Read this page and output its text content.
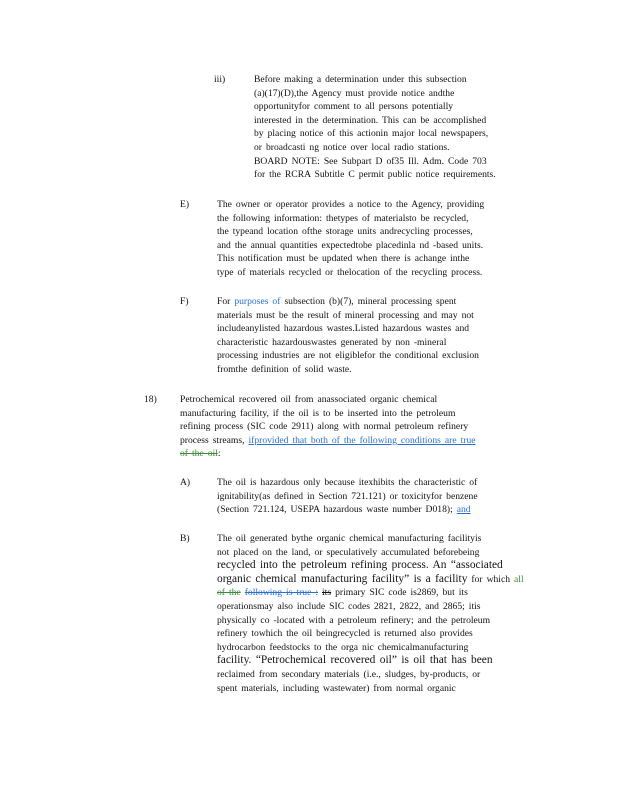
iii)	Before making a determination under this subsection
(a)(17)(D),the Agency must provide notice andthe
opportunityfor comment to all persons potentially
interested in the determination. This can be accomplished
by placing notice of this actionin major local newspapers,
or broadcasti ng notice over local radio stations.
BOARD NOTE: See Subpart D of35 Ill. Adm. Code 703
for the RCRA Subtitle C permit public notice requirements.
E)	The owner or operator provides a notice to the Agency, providing
the following information: thetypes of materialsto be recycled,
the typeand location ofthe storage units andrecycling processes,
and the annual quantities expectedtobe placedinla nd -based units.
This notification must be updated when there is achange inthe
type of materials recycled or thelocation of the recycling process.
F)	For purposes of subsection (b)(7), mineral processing spent
materials must be the result of mineral processing and may not
includeanylisted hazardous wastes.Listed hazardous wastes and
characteristic hazardouswastes generated by non -mineral
processing industries are not eligiblefor the conditional exclusion
fromthe definition of solid waste.
18) Petrochemical recovered oil from anassociated organic chemical
manufacturing facility, if the oil is to be inserted into the petroleum
refining process (SIC code 2911) along with normal petroleum refinery
process streams, ifprovided that both of the following conditions are true
of the oil:
A)	The oil is hazardous only because itexhibits the characteristic of
ignitability(as defined in Section 721.121) or toxicityfor benzene
(Section 721.124, USEPA hazardous waste number D018); and
B)	The oil generated bythe organic chemical manufacturing facilityis
not placed on the land, or speculatively accumulated beforebeing
recycled into the petroleum refining process. An “associated
organic chemical manufacturing facility” is a facility for which all
of the following is true : its primary SIC code is2869, but its
operationsmay also include SIC codes 2821, 2822, and 2865; itis
physically co -located with a petroleum refinery; and the petroleum
refinery towhich the oil beingrecycled is returned also provides
hydrocarbon feedstocks to the orga nic chemicalmanufacturing
facility. “Petrochemical recovered oil” is oil that has been
reclaimed from secondary materials (i.e., sludges, by-products, or
spent materials, including wastewater) from normal organic
